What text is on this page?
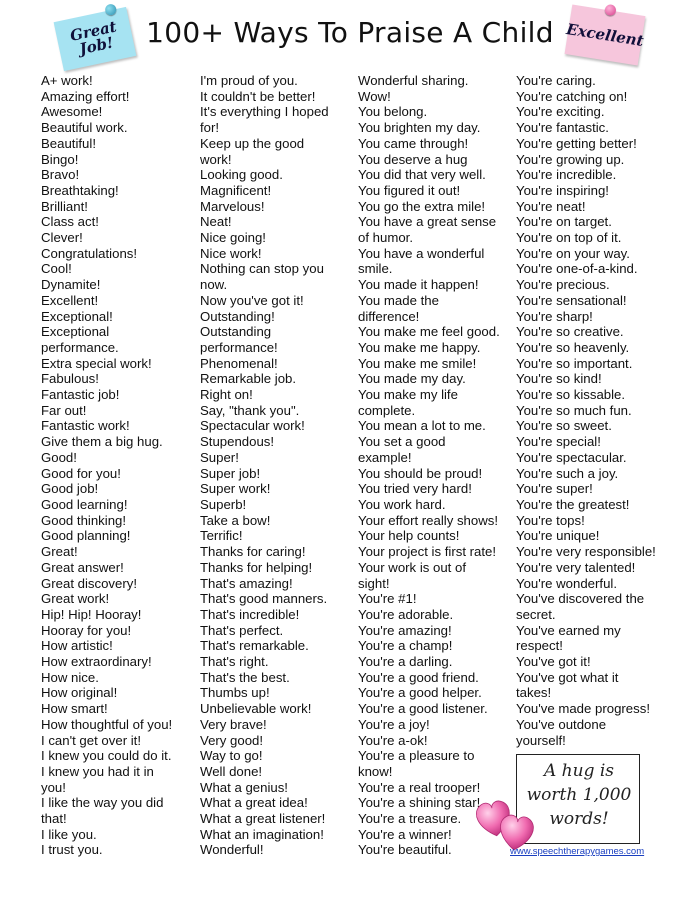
Great Job!	100+ Ways To Praise A Child Excellent
A+ work!
Amazing effort!
Awesome!
Beautiful work.
Beautiful!
Bingo!
Bravo!
Breathtaking!
Brilliant!
Class act!
Clever!
Congratulations!
Cool!
Dynamite!
Excellent!
Exceptional!
Exceptional
performance.
Extra special work!
Fabulous!
Fantastic job!
Far out!
Fantastic work!
Give them a big hug.
Good!
Good for you!
Good job!
Good learning!
Good thinking!
Good planning!
Great!
Great answer!
Great discovery!
Great work!
Hip! Hip! Hooray!
Hooray for you!
How artistic!
How extraordinary!
How nice.
How original!
How smart!
How thoughtful of you!
I can't get over it!
I knew you could do it.
I knew you had it in
you!
I like the way you did
that!
I like you.
I trust you.
I'm proud of you.
It couldn't be better!
It's everything I hoped
for!
Keep up the good
work!
Looking good.
Magnificent!
Marvelous!
Neat!
Nice going!
Nice work!
Nothing can stop you
now.
Now you've got it!
Outstanding!
Outstanding
performance!
Phenomenal!
Remarkable job.
Right on!
Say, "thank you".
Spectacular work!
Stupendous!
Super!
Super job!
Super work!
Superb!
Take a bow!
Terrific!
Thanks for caring!
Thanks for helping!
That's amazing!
That's good manners.
That's incredible!
That's perfect.
That's remarkable.
That's right.
That's the best.
Thumbs up!
Unbelievable work!
Very brave!
Very good!
Way to go!
Well done!
What a genius!
What a great idea!
What a great listener!
What an imagination!
Wonderful!
Wonderful sharing.
Wow!
You belong.
You brighten my day.
You came through!
You deserve a hug
You did that very well.
You figured it out!
You go the extra mile!
You have a great sense
of humor.
You have a wonderful
smile.
You made it happen!
You made the
difference!
You make me feel good.
You make me happy.
You make me smile!
You made my day.
You make my life
complete.
You mean a lot to me.
You set a good
example!
You should be proud!
You tried very hard!
You work hard.
Your effort really shows!
Your help counts!
Your project is first rate!
Your work is out of
sight!
You're #1!
You're adorable.
You're amazing!
You're a champ!
You're a darling.
You're a good friend.
You're a good helper.
You're a good listener.
You're a joy!
You're a-ok!
You're a pleasure to
know!
You're a real trooper!
You're a shining star!
You're a treasure.
You're a winner!
You're beautiful.
You're caring.
You're catching on!
You're exciting.
You're fantastic.
You're getting better!
You're growing up.
You're incredible.
You're inspiring!
You're neat!
You're on target.
You're on top of it.
You're on your way.
You're one-of-a-kind.
You're precious.
You're sensational!
You're sharp!
You're so creative.
You're so heavenly.
You're so important.
You're so kind!
You're so kissable.
You're so much fun.
You're so sweet.
You're special!
You're spectacular.
You're such a joy.
You're super!
You're the greatest!
You're tops!
You're unique!
You're very responsible!
You're very talented!
You're wonderful.
You've discovered the
secret.
You've earned my
respect!
You've got it!
You've got what it
takes!
You've made progress!
You've outdone
yourself!
A hug is
worth 1,000
words!
www.speechtherapygames.com
